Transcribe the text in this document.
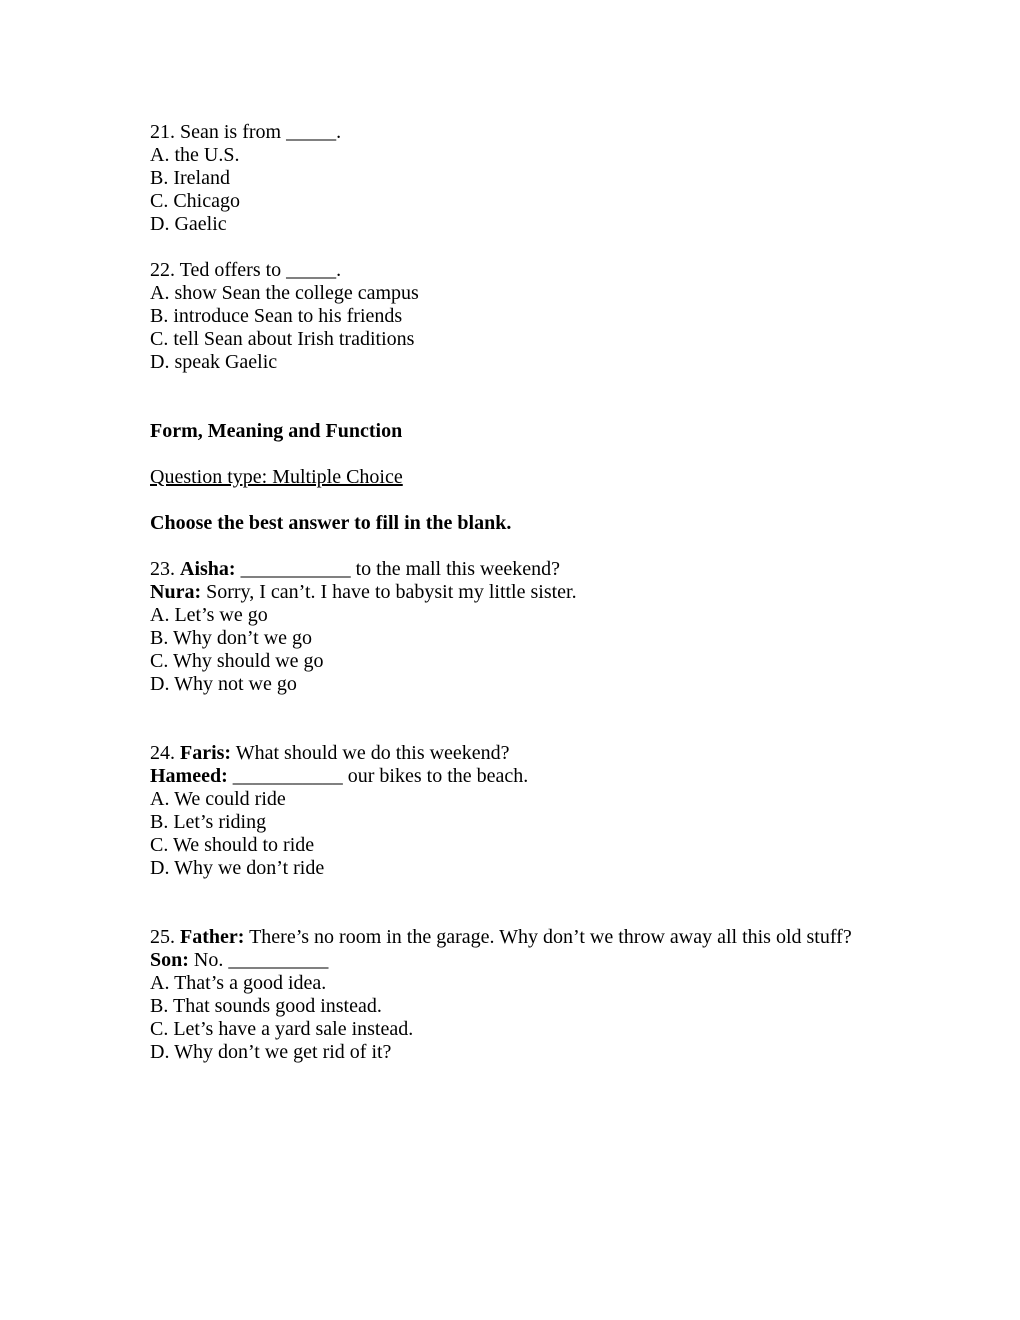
21. Sean is from _____.
A. the U.S.
B. Ireland
C. Chicago
D. Gaelic
22. Ted offers to _____.
A. show Sean the college campus
B. introduce Sean to his friends
C. tell Sean about Irish traditions
D. speak Gaelic
Form, Meaning and Function
Question type: Multiple Choice
Choose the best answer to fill in the blank.
23. Aisha: ___________ to the mall this weekend?
Nura: Sorry, I can’t. I have to babysit my little sister.
A. Let’s we go
B. Why don’t we go
C. Why should we go
D. Why not we go
24. Faris: What should we do this weekend?
Hameed: ___________ our bikes to the beach.
A. We could ride
B. Let’s riding
C. We should to ride
D. Why we don’t ride
25. Father: There’s no room in the garage. Why don’t we throw away all this old stuff?
Son: No. __________
A. That’s a good idea.
B. That sounds good instead.
C. Let’s have a yard sale instead.
D. Why don’t we get rid of it?
